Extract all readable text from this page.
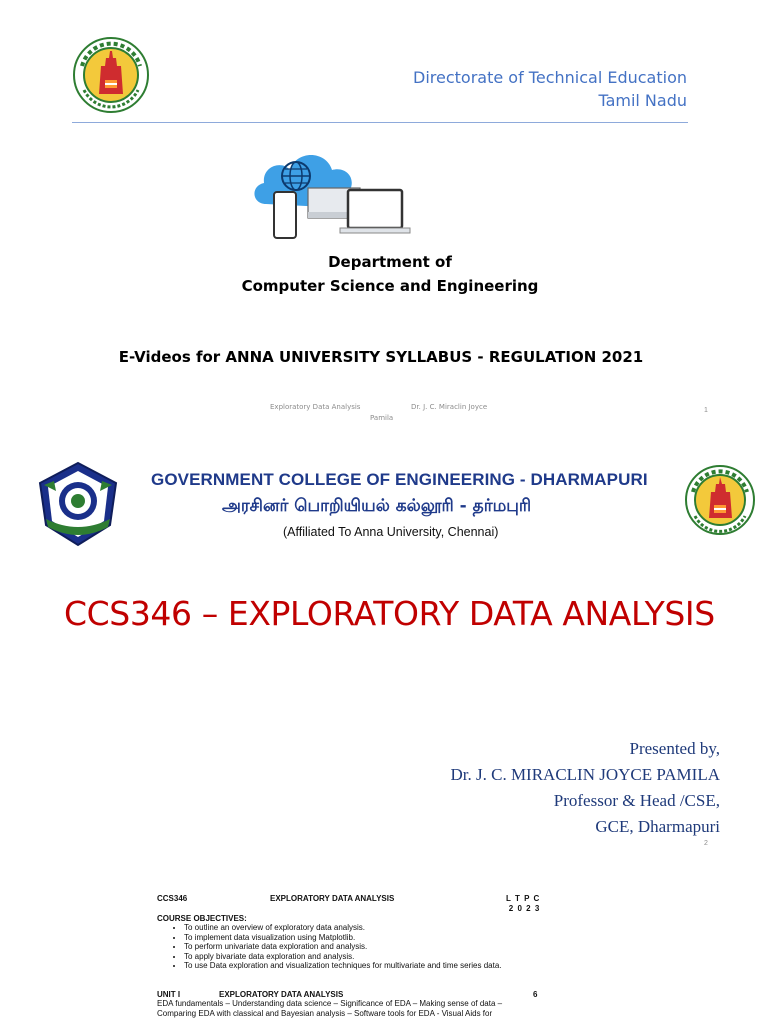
Directorate of Technical Education
Tamil Nadu
Department of
Computer Science and Engineering
E-Videos for ANNA UNIVERSITY SYLLABUS - REGULATION 2021
Exploratory Data Analysis	Dr. J. C. Miraclin Joyce
Pamila
1
GOVERNMENT COLLEGE OF ENGINEERING - DHARMAPURI
அரசினர் பொறியியல் கல்லூரி - தர்மபுரி
(Affiliated To Anna University, Chennai)
CCS346 – EXPLORATORY DATA ANALYSIS
Presented by,
Dr. J. C. MIRACLIN JOYCE PAMILA
Professor & Head /CSE,
GCE, Dharmapuri
2
CCS346	EXPLORATORY DATA ANALYSIS	L T P C
2 0 2 3
COURSE OBJECTIVES:
• To outline an overview of exploratory data analysis.
• To implement data visualization using Matplotlib.
• To perform univariate data exploration and analysis.
• To apply bivariate data exploration and analysis.
• To use Data exploration and visualization techniques for multivariate and time series data.
UNIT I	EXPLORATORY DATA ANALYSIS	6
EDA fundamentals – Understanding data science – Significance of EDA – Making sense of data –
Comparing EDA with classical and Bayesian analysis – Software tools for EDA - Visual Aids for
